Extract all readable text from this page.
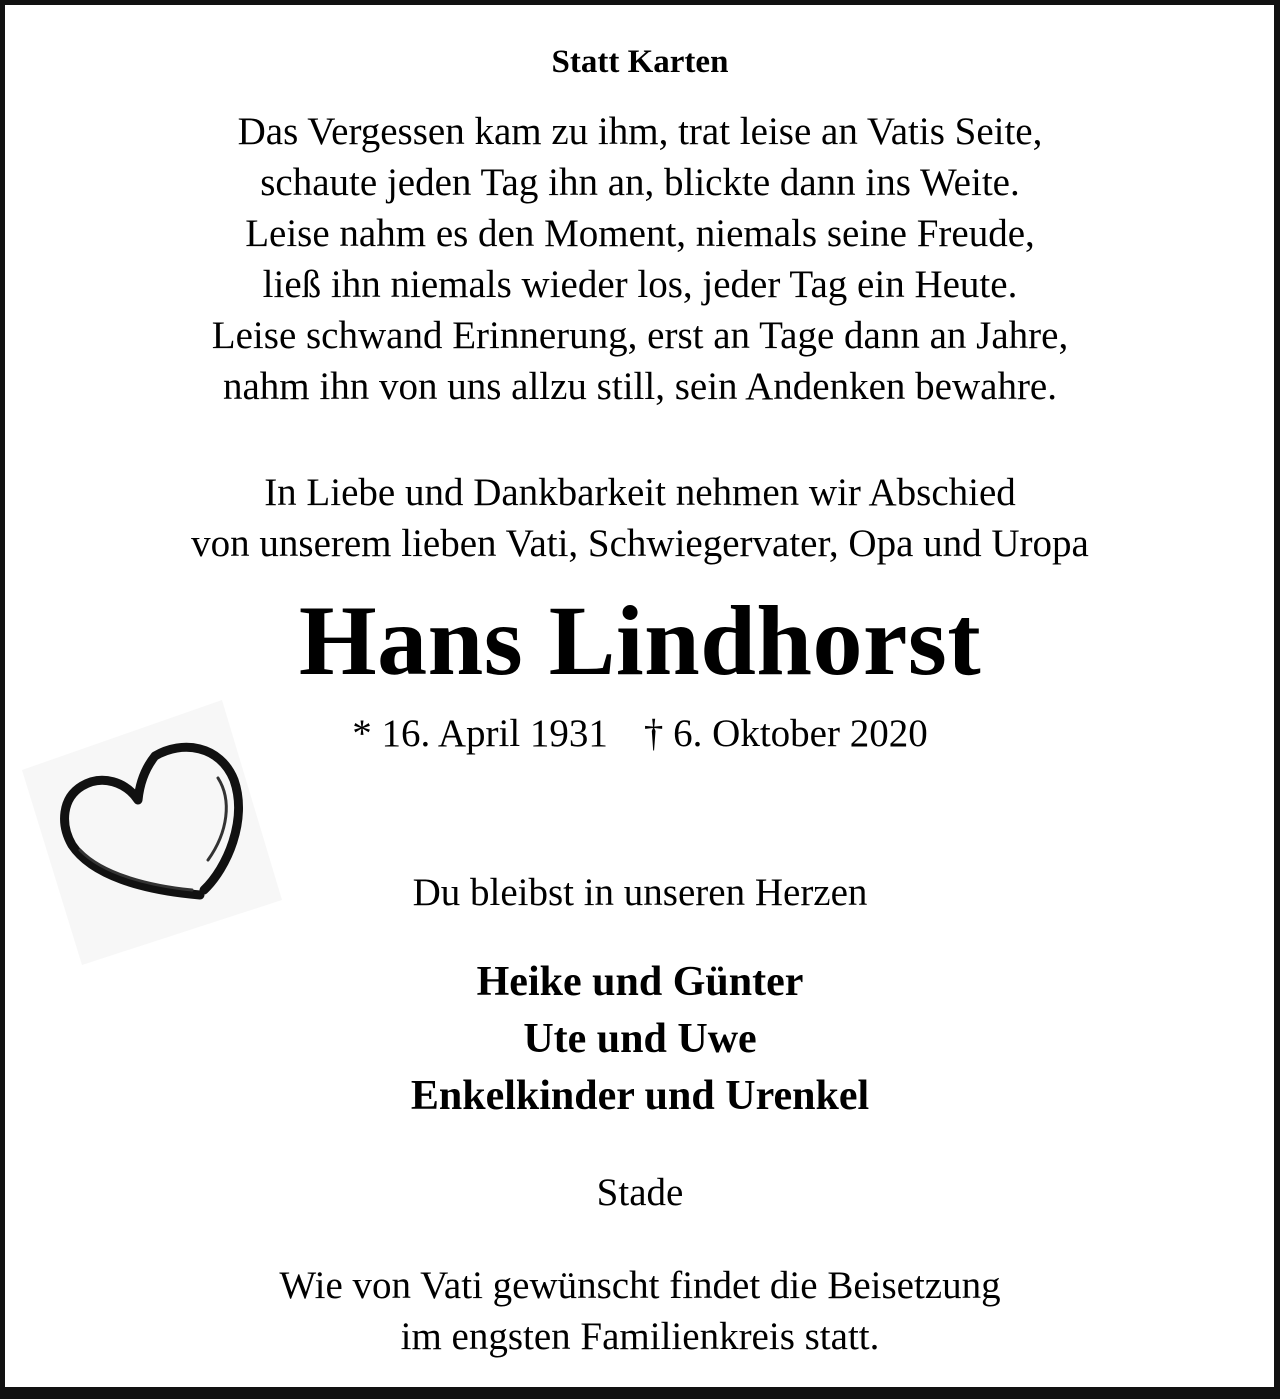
Statt Karten
Das Vergessen kam zu ihm, trat leise an Vatis Seite,
schaute jeden Tag ihn an, blickte dann ins Weite.
Leise nahm es den Moment, niemals seine Freude,
ließ ihn niemals wieder los, jeder Tag ein Heute.
Leise schwand Erinnerung, erst an Tage dann an Jahre,
nahm ihn von uns allzu still, sein Andenken bewahre.
In Liebe und Dankbarkeit nehmen wir Abschied
von unserem lieben Vati, Schwiegervater, Opa und Uropa
Hans Lindhorst
* 16. April 1931 † 6. Oktober 2020
Du bleibst in unseren Herzen
Heike und Günter
Ute und Uwe
Enkelkinder und Urenkel
Stade
Wie von Vati gewünscht findet die Beisetzung
im engsten Familienkreis statt.
